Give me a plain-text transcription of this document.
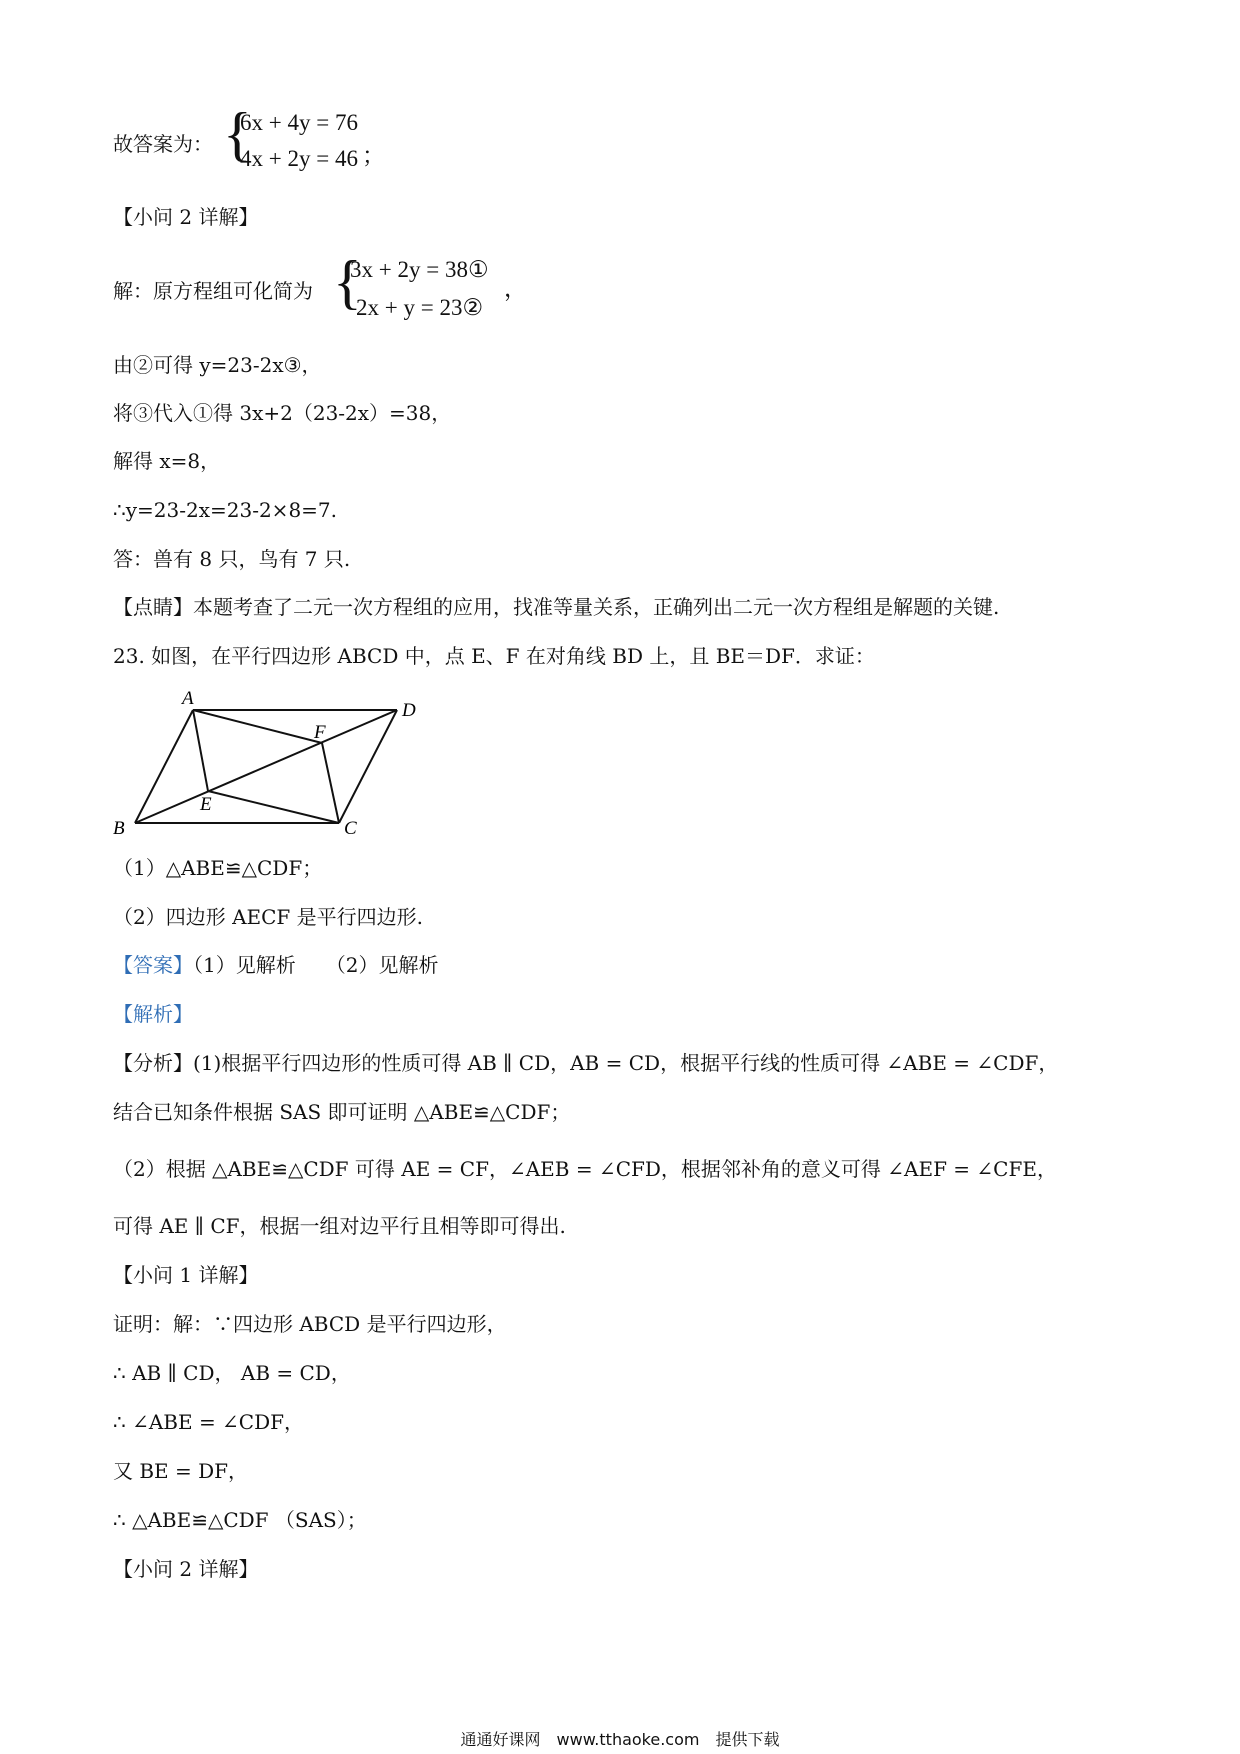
故答案为： {
6x + 4y = 76
4x + 2y = 46 ；
【小问 2 详解】
解：原方程组可化简为 {
3x + 2y = 38①
2x + y = 23②
，
由②可得 y=23-2x③，
将③代入①得 3x+2（23-2x）=38，
解得 x=8，
∴y=23-2x=23-2×8=7.
答：兽有 8 只，鸟有 7 只.
【点睛】本题考查了二元一次方程组的应用，找准等量关系，正确列出二元一次方程组是解题的关键.
23. 如图，在平行四边形 ABCD 中，点 E、F 在对角线 BD 上，且 BE＝DF．求证：
A
D
F
E
B	C
（1）△ABE≌△CDF；
（2）四边形 AECF 是平行四边形.
【答案】（1）见解析　　（2）见解析
【解析】
【分析】(1)根据平行四边形的性质可得 AB ∥ CD，AB = CD，根据平行线的性质可得 ∠ABE = ∠CDF，
结合已知条件根据 SAS 即可证明 △ABE≌△CDF；
（2）根据 △ABE≌△CDF 可得 AE = CF，∠AEB = ∠CFD，根据邻补角的意义可得 ∠AEF = ∠CFE，
可得 AE ∥ CF，根据一组对边平行且相等即可得出.
【小问 1 详解】
证明：解：∵四边形 ABCD 是平行四边形，
∴ AB ∥ CD， AB = CD，
∴ ∠ABE = ∠CDF，
又 BE = DF，
∴ △ABE≌△CDF （SAS）；
【小问 2 详解】
通通好课网　www.tthaoke.com　提供下载
